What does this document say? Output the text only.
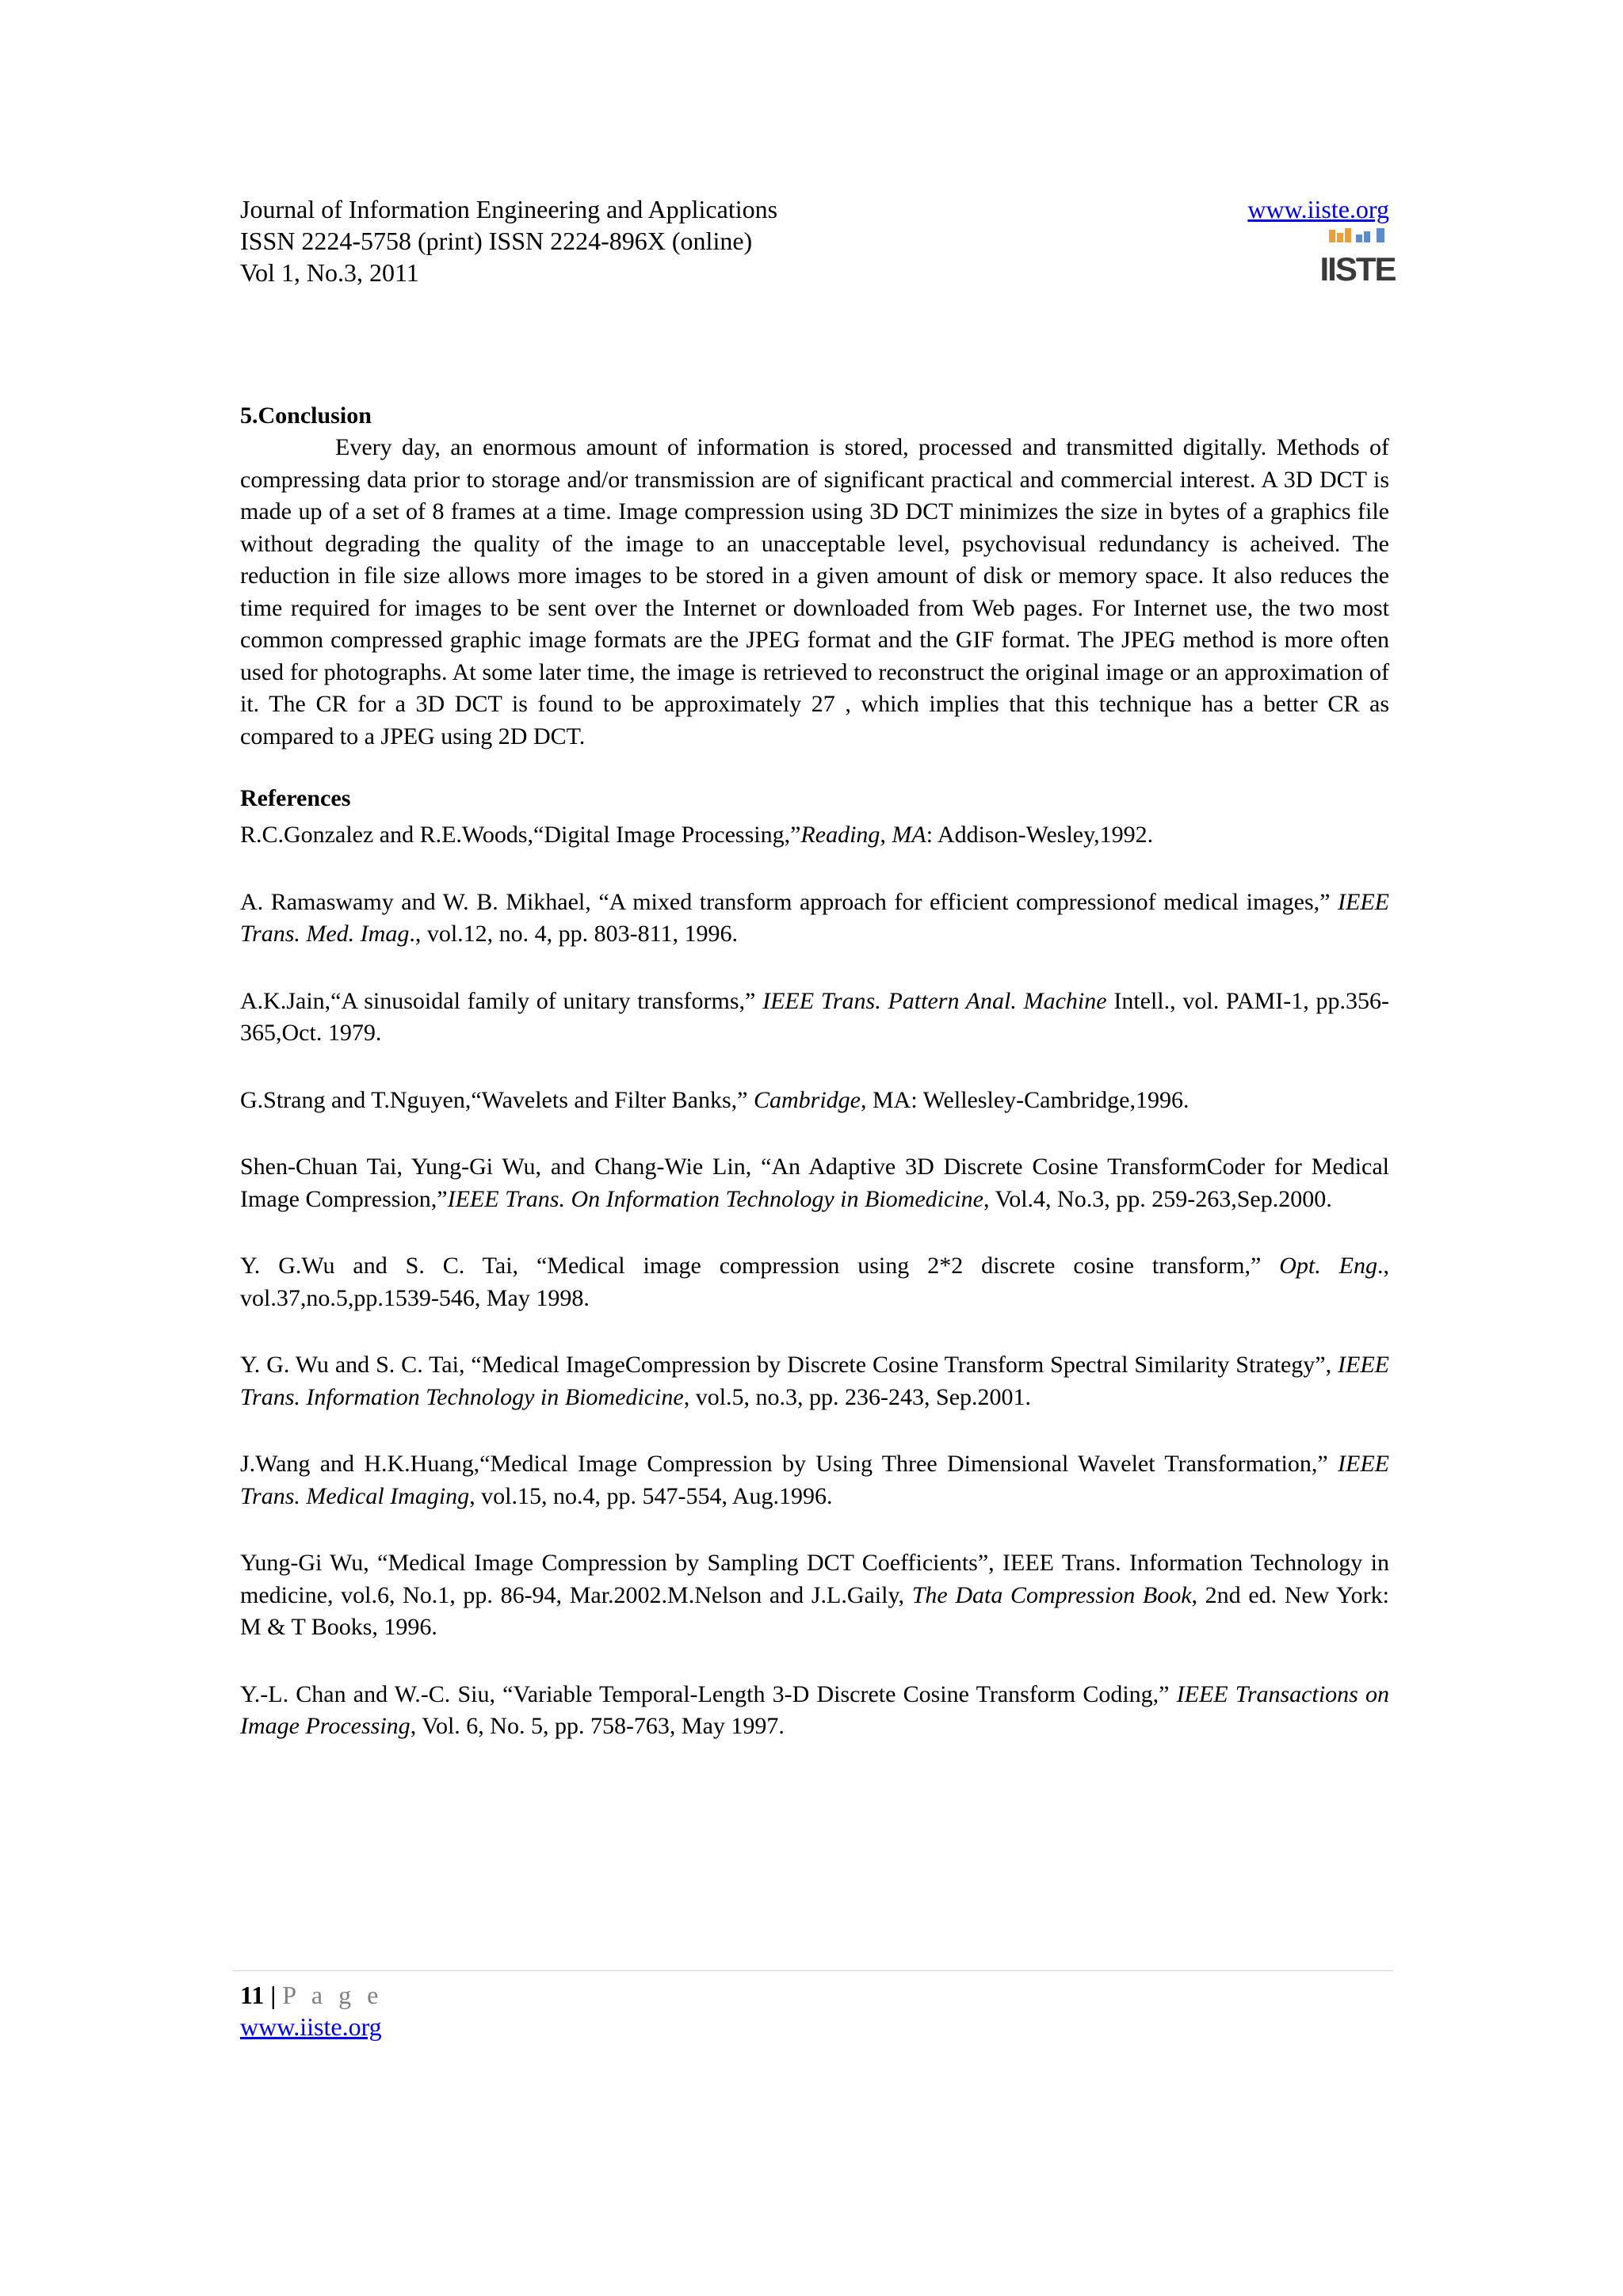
Journal of Information Engineering and Applications
ISSN 2224-5758 (print) ISSN 2224-896X (online)
Vol 1, No.3, 2011
www.iiste.org
IISTE

5.Conclusion

Every day, an enormous amount of information is stored, processed and transmitted digitally. Methods of compressing data prior to storage and/or transmission are of significant practical and commercial interest. A 3D DCT is made up of a set of 8 frames at a time. Image compression using 3D DCT minimizes the size in bytes of a graphics file without degrading the quality of the image to an unacceptable level, psychovisual redundancy is acheived. The reduction in file size allows more images to be stored in a given amount of disk or memory space. It also reduces the time required for images to be sent over the Internet or downloaded from Web pages. For Internet use, the two most common compressed graphic image formats are the JPEG format and the GIF format. The JPEG method is more often used for photographs. At some later time, the image is retrieved to reconstruct the original image or an approximation of it. The CR for a 3D DCT is found to be approximately 27 , which implies that this technique has a better CR as compared to a JPEG using 2D DCT.

References

R.C.Gonzalez and R.E.Woods,“Digital Image Processing,”Reading, MA: Addison-Wesley,1992.

A. Ramaswamy and W. B. Mikhael, “A mixed transform approach for efficient compressionof medical images,” IEEE Trans. Med. Imag., vol.12, no. 4, pp. 803-811, 1996.

A.K.Jain,“A sinusoidal family of unitary transforms,” IEEE Trans. Pattern Anal. Machine Intell., vol. PAMI-1, pp.356-365,Oct. 1979.

G.Strang and T.Nguyen,“Wavelets and Filter Banks,” Cambridge, MA: Wellesley-Cambridge,1996.

Shen-Chuan Tai, Yung-Gi Wu, and Chang-Wie Lin, “An Adaptive 3D Discrete Cosine TransformCoder for Medical Image Compression,”IEEE Trans. On Information Technology in Biomedicine, Vol.4, No.3, pp. 259-263,Sep.2000.

Y. G.Wu and S. C. Tai, “Medical image compression using 2*2 discrete cosine transform,” Opt. Eng., vol.37,no.5,pp.1539-546, May 1998.

Y. G. Wu and S. C. Tai, “Medical ImageCompression by Discrete Cosine Transform Spectral Similarity Strategy”, IEEE Trans. Information Technology in Biomedicine, vol.5, no.3, pp. 236-243, Sep.2001.

J.Wang and H.K.Huang,“Medical Image Compression by Using Three Dimensional Wavelet Transformation,” IEEE Trans. Medical Imaging, vol.15, no.4, pp. 547-554, Aug.1996.

Yung-Gi Wu, “Medical Image Compression by Sampling DCT Coefficients”, IEEE Trans. Information Technology in medicine, vol.6, No.1, pp. 86-94, Mar.2002.M.Nelson and J.L.Gaily, The Data Compression Book, 2nd ed. New York: M & T Books, 1996.

Y.-L. Chan and W.-C. Siu, “Variable Temporal-Length 3-D Discrete Cosine Transform Coding,” IEEE Transactions on Image Processing, Vol. 6, No. 5, pp. 758-763, May 1997.

11 | P a g e
www.iiste.org
